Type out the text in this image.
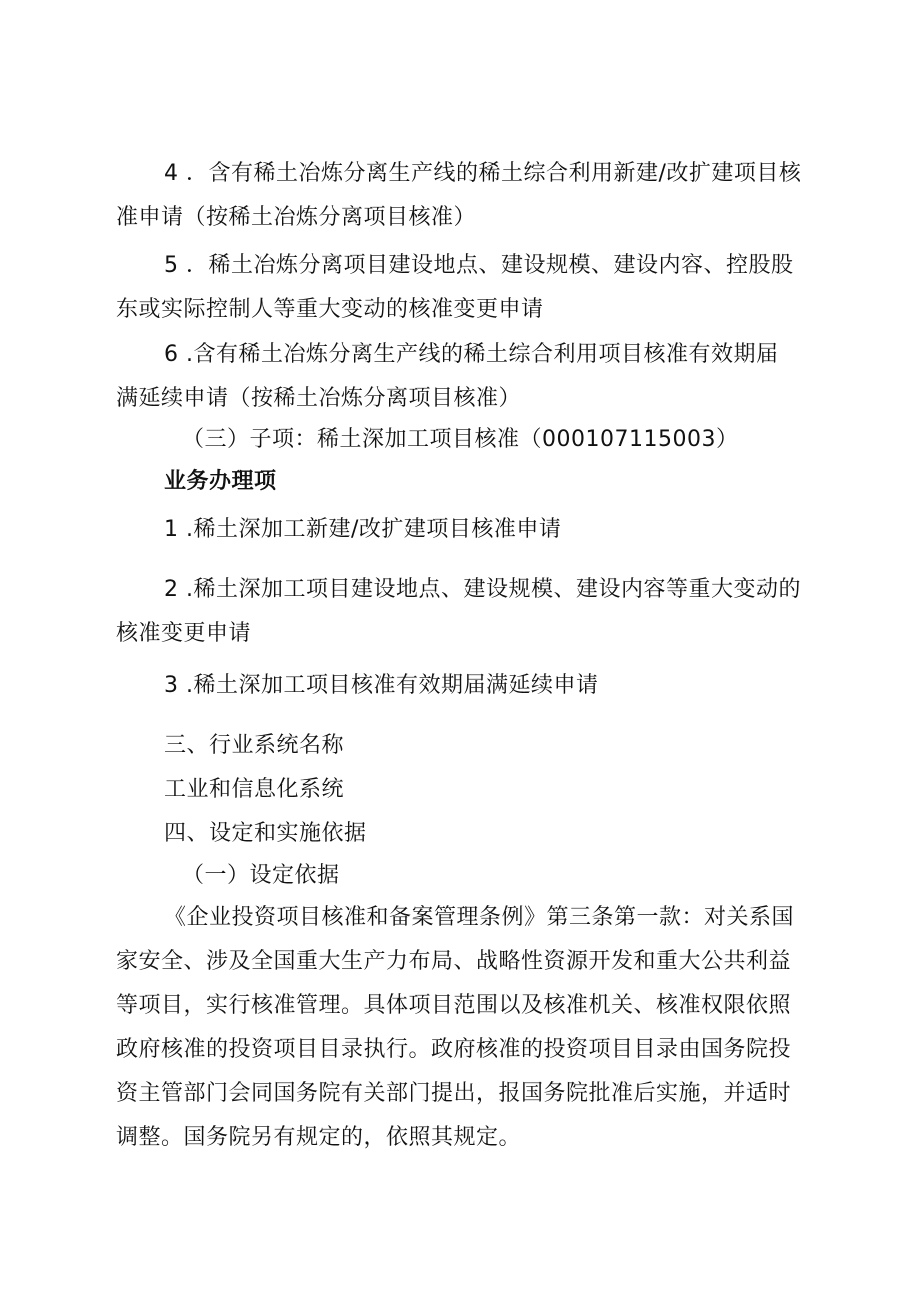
4 ．含有稀土冶炼分离生产线的稀土综合利用新建/改扩建项目核
准申请（按稀土冶炼分离项目核准）
5 ．稀土冶炼分离项目建设地点、建设规模、建设内容、控股股
东或实际控制人等重大变动的核准变更申请
6 .含有稀土冶炼分离生产线的稀土综合利用项目核准有效期届
满延续申请（按稀土冶炼分离项目核准）
（三）子项：稀土深加工项目核准（000107115003）
业务办理项
1 .稀土深加工新建/改扩建项目核准申请
2 .稀土深加工项目建设地点、建设规模、建设内容等重大变动的
核准变更申请
3 .稀土深加工项目核准有效期届满延续申请
三、行业系统名称
工业和信息化系统
四、设定和实施依据
（一）设定依据
《企业投资项目核准和备案管理条例》第三条第一款：对关系国
家安全、涉及全国重大生产力布局、战略性资源开发和重大公共利益
等项目，实行核准管理。具体项目范围以及核准机关、核准权限依照
政府核准的投资项目目录执行。政府核准的投资项目目录由国务院投
资主管部门会同国务院有关部门提出，报国务院批准后实施，并适时
调整。国务院另有规定的，依照其规定。
